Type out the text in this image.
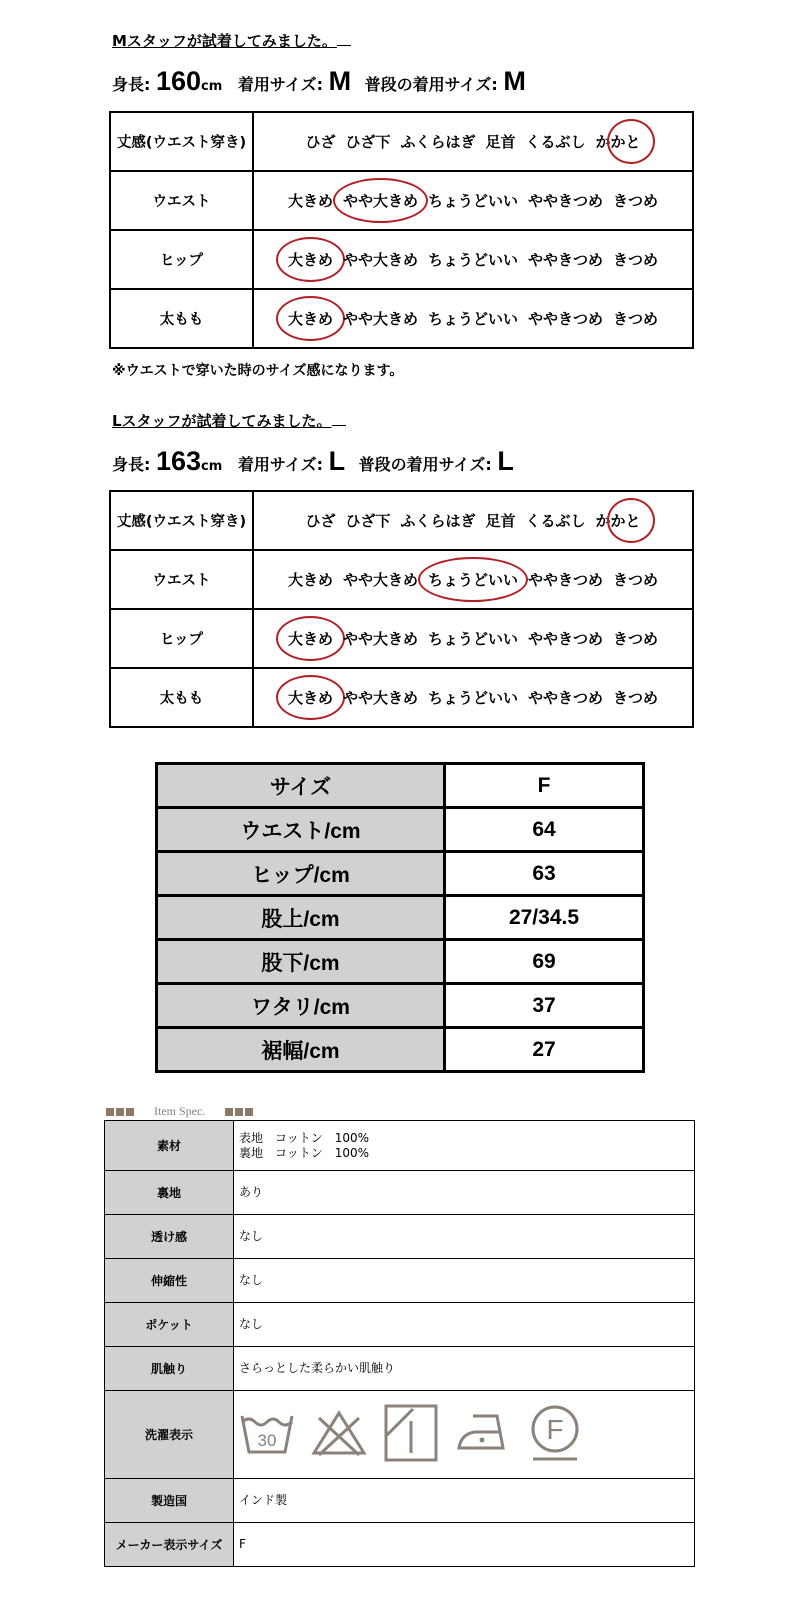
Mスタッフが試着してみました。
身長: 160cm 着用サイズ: M 普段の着用サイズ: M
丈感(ウエスト穿き)	ひざ ひざ下 ふくらはぎ 足首 くるぶし かかと
ウエスト	大きめ やや大きめ ちょうどいい ややきつめ きつめ
ヒップ	大きめ やや大きめ ちょうどいい ややきつめ きつめ
太もも	大きめ やや大きめ ちょうどいい ややきつめ きつめ
※ウエストで穿いた時のサイズ感になります。
Lスタッフが試着してみました。
身長: 163cm 着用サイズ: L 普段の着用サイズ: L
丈感(ウエスト穿き)	ひざ ひざ下 ふくらはぎ 足首 くるぶし かかと
ウエスト	大きめ やや大きめ ちょうどいい ややきつめ きつめ
ヒップ	大きめ やや大きめ ちょうどいい ややきつめ きつめ
太もも	大きめ やや大きめ ちょうどいい ややきつめ きつめ
サイズ	F
ウエスト/cm	64
ヒップ/cm	63
股上/cm	27/34.5
股下/cm	69
ワタリ/cm	37
裾幅/cm	27
Item Spec.
素材	表地　コットン　100%
裏地　コットン　100%

裏地	あり

透け感	なし

伸縮性	なし

ポケット	なし

肌触り	さらっとした柔らかい肌触り

洗濯表示	30 F

製造国	インド製

メーカー表示サイズ	F
